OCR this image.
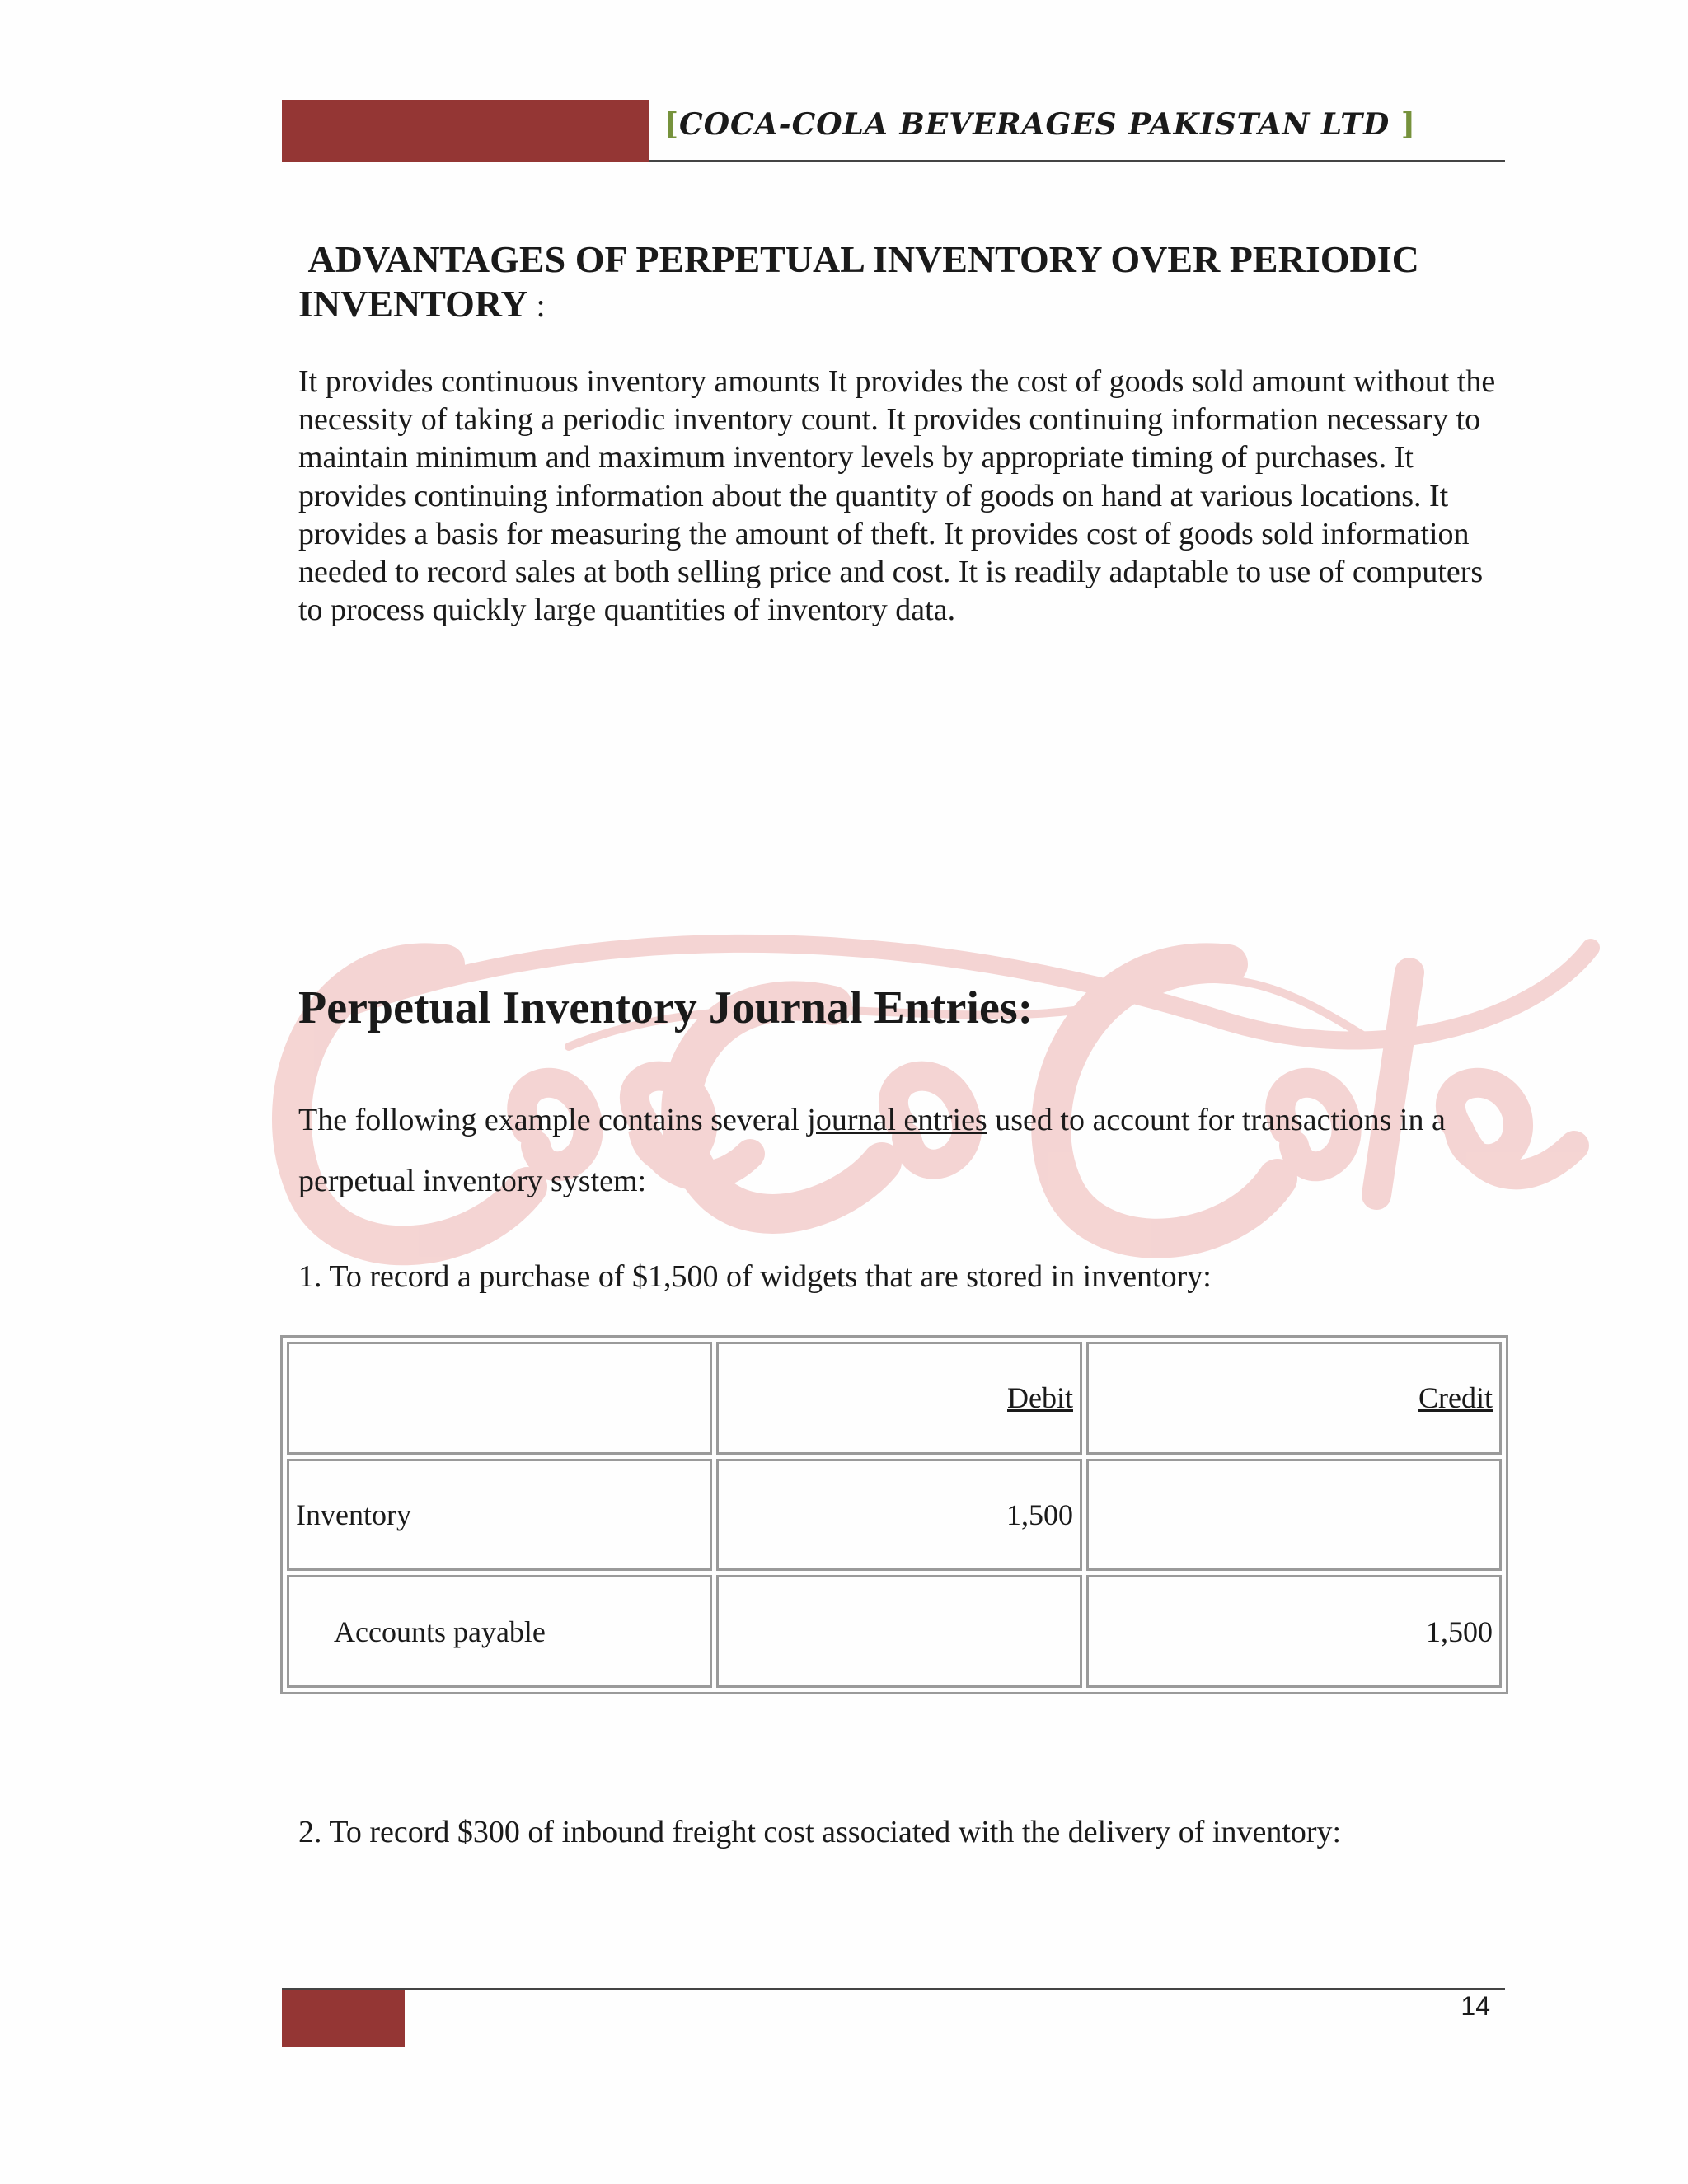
[COCA-COLA BEVERAGES PAKISTAN LTD ]
ADVANTAGES OF PERPETUAL INVENTORY OVER PERIODIC INVENTORY :
It provides continuous inventory amounts It provides the cost of goods sold amount without the necessity of taking a periodic inventory count. It provides continuing information necessary to maintain minimum and maximum inventory levels by appropriate timing of purchases. It provides continuing information about the quantity of goods on hand at various locations. It provides a basis for measuring the amount of theft. It provides cost of goods sold information needed to record sales at both selling price and cost. It is readily adaptable to use of computers to process quickly large quantities of inventory data.
Perpetual Inventory Journal Entries:
The following example contains several journal entries used to account for transactions in a perpetual inventory system:
1. To record a purchase of $1,500 of widgets that are stored in inventory:
	Debit	Credit
Inventory	1,500	
Accounts payable		1,500
2. To record $300 of inbound freight cost associated with the delivery of inventory:
14
